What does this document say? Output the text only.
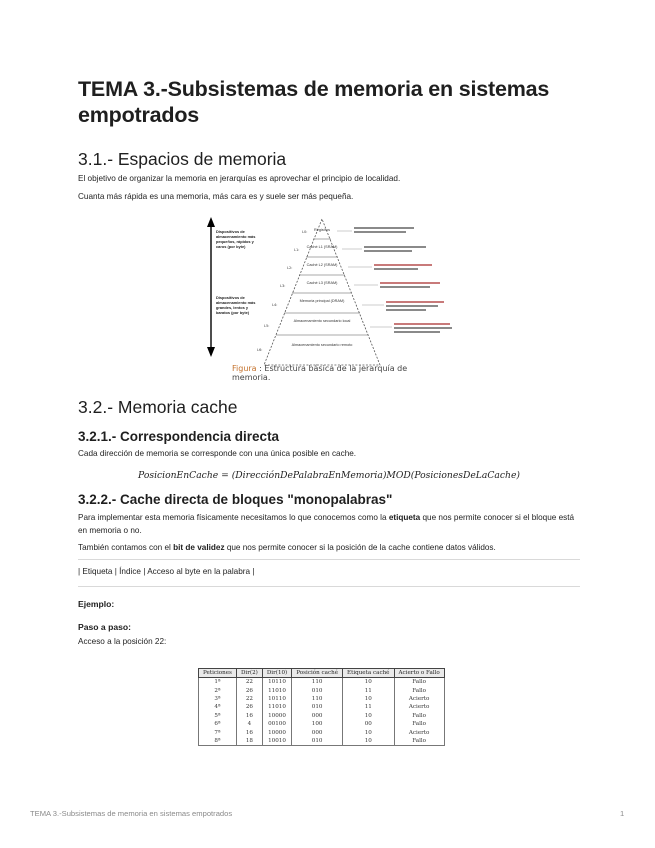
TEMA 3.-Subsistemas de memoria en sistemas empotrados
3.1.- Espacios de memoria

El objetivo de organizar la memoria en jerarquías es aprovechar el principio de localidad.

Cuanta más rápida es una memoria, más cara es y suele ser más pequeña.

L0:
L1:
L2:
L3:
L4:
L5:
L6:
Registros
Caché L1 (SRAM)
Caché L2 (SRAM)
Caché L3 (SRAM)
Memoria principal (DRAM)
Almacenamiento secundario local
Almacenamiento secundario remoto
Dispositivos de almacenamiento más pequeños, rápidos y caros (por byte)
Dispositivos de almacenamiento más grandes, lentos y baratos (por byte)
Figura : Estructura básica de la jerarquía de memoria.
3.2.- Memoria cache
3.2.1.- Correspondencia directa

Cada dirección de memoria se corresponde con una única posible en cache.

PosicionEnCache = (DirecciónDePalabraEnMemoria)MOD(PosicionesDeLaCache)

3.2.2.- Cache directa de bloques "monopalabras"

Para implementar esta memoria físicamente necesitamos lo que conocemos como la etiqueta que nos permite conocer si el bloque está en memoria o no.

También contamos con el bit de validez que nos permite conocer si la posición de la cache contiene datos válidos.

| Etiqueta | Índice | Acceso al byte en la palabra |

Ejemplo:

Paso a paso:

Acceso a la posición 22:

Peticiones	Dir(2)	Dir(10)	Posición caché	Etiqueta caché	Acierto o Fallo
1ª	22	10110	110	10	Fallo
2ª	26	11010	010	11	Fallo
3ª	22	10110	110	10	Acierto
4ª	26	11010	010	11	Acierto
5ª	16	10000	000	10	Fallo
6ª	4	00100	100	00	Fallo
7ª	16	10000	000	10	Acierto
8ª	18	10010	010	10	Fallo
TEMA 3.-Subsistemas de memoria en sistemas empotrados	1
